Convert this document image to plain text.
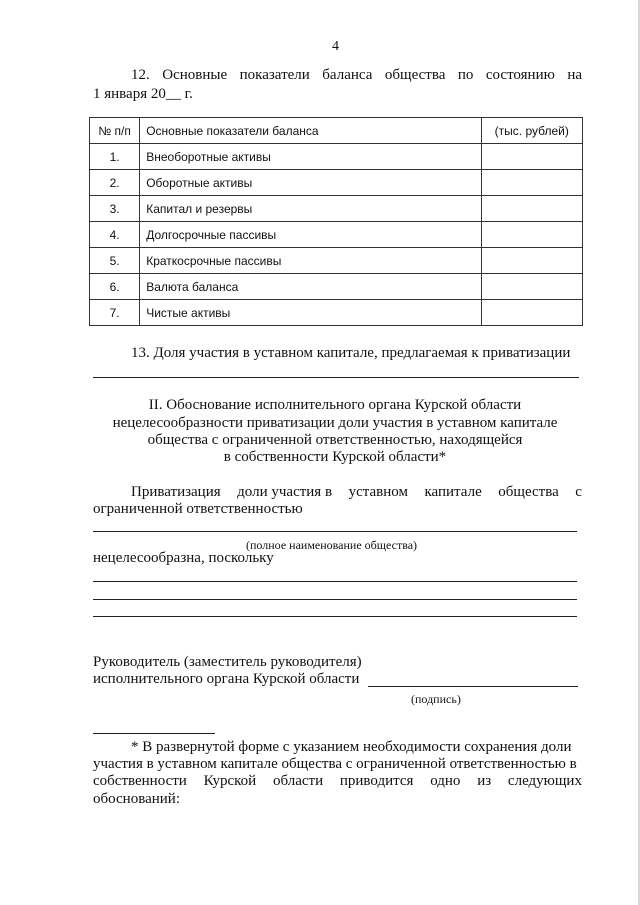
4
12. Основные показатели баланса общества по состоянию на
1 января 20__ г.
№ п/п	Основные показатели баланса	(тыс. рублей)
1.	Внеоборотные активы	
2.	Оборотные активы	
3.	Капитал и резервы	
4.	Долгосрочные пассивы	
5.	Краткосрочные пассивы	
6.	Валюта баланса	
7.	Чистые активы	
13. Доля участия в уставном капитале, предлагаемая к приватизации
II. Обоснование исполнительного органа Курской области
нецелесообразности приватизации доли участия в уставном капитале
общества с ограниченной ответственностью, находящейся
в собственности Курской области*
Приватизация доли участия в уставном капитале общества с
ограниченной ответственностью
(полное наименование общества)
нецелесообразна, поскольку
Руководитель (заместитель руководителя)
исполнительного органа Курской области
(подпись)
* В развернутой форме с указанием необходимости сохранения доли
участия в уставном капитале общества с ограниченной ответственностью в
собственности Курской области приводится одно из следующих
обоснований:
